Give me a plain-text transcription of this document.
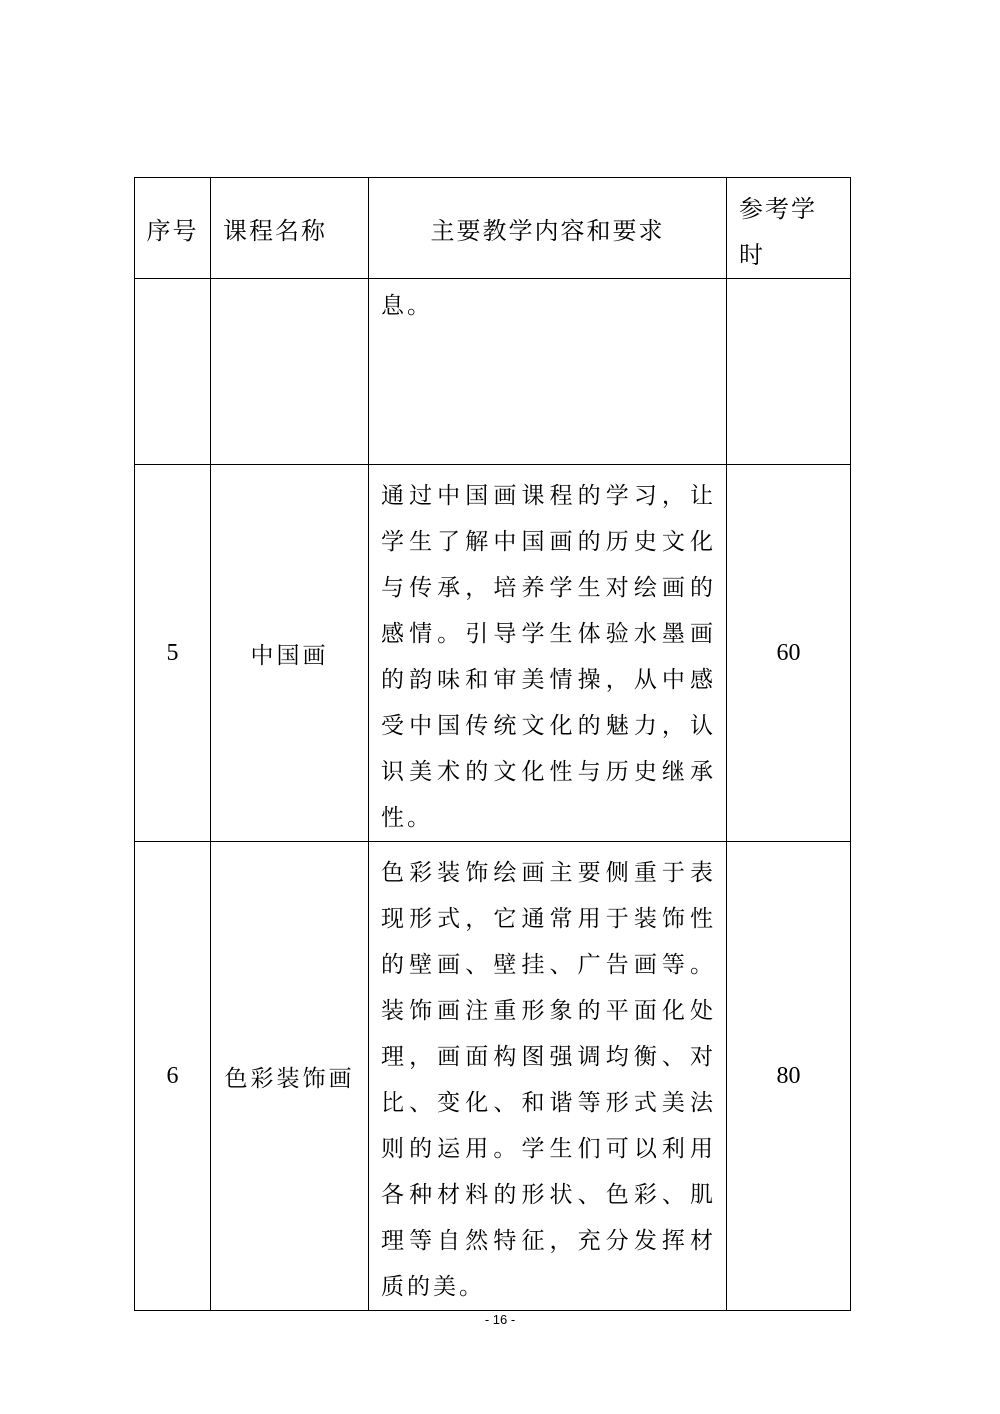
序号	课程名称	主要教学内容和要求	参考学时
		息。	
5	中国画	通过中国画课程的学习，让学生了解中国画的历史文化与传承，培养学生对绘画的感情。引导学生体验水墨画的韵味和审美情操，从中感受中国传统文化的魅力，认识美术的文化性与历史继承性。	60
6	色彩装饰画	色彩装饰绘画主要侧重于表现形式，它通常用于装饰性的壁画、壁挂、广告画等。装饰画注重形象的平面化处理，画面构图强调均衡、对比、变化、和谐等形式美法则的运用。学生们可以利用各种材料的形状、色彩、肌理等自然特征，充分发挥材质的美。	80
- 16 -
